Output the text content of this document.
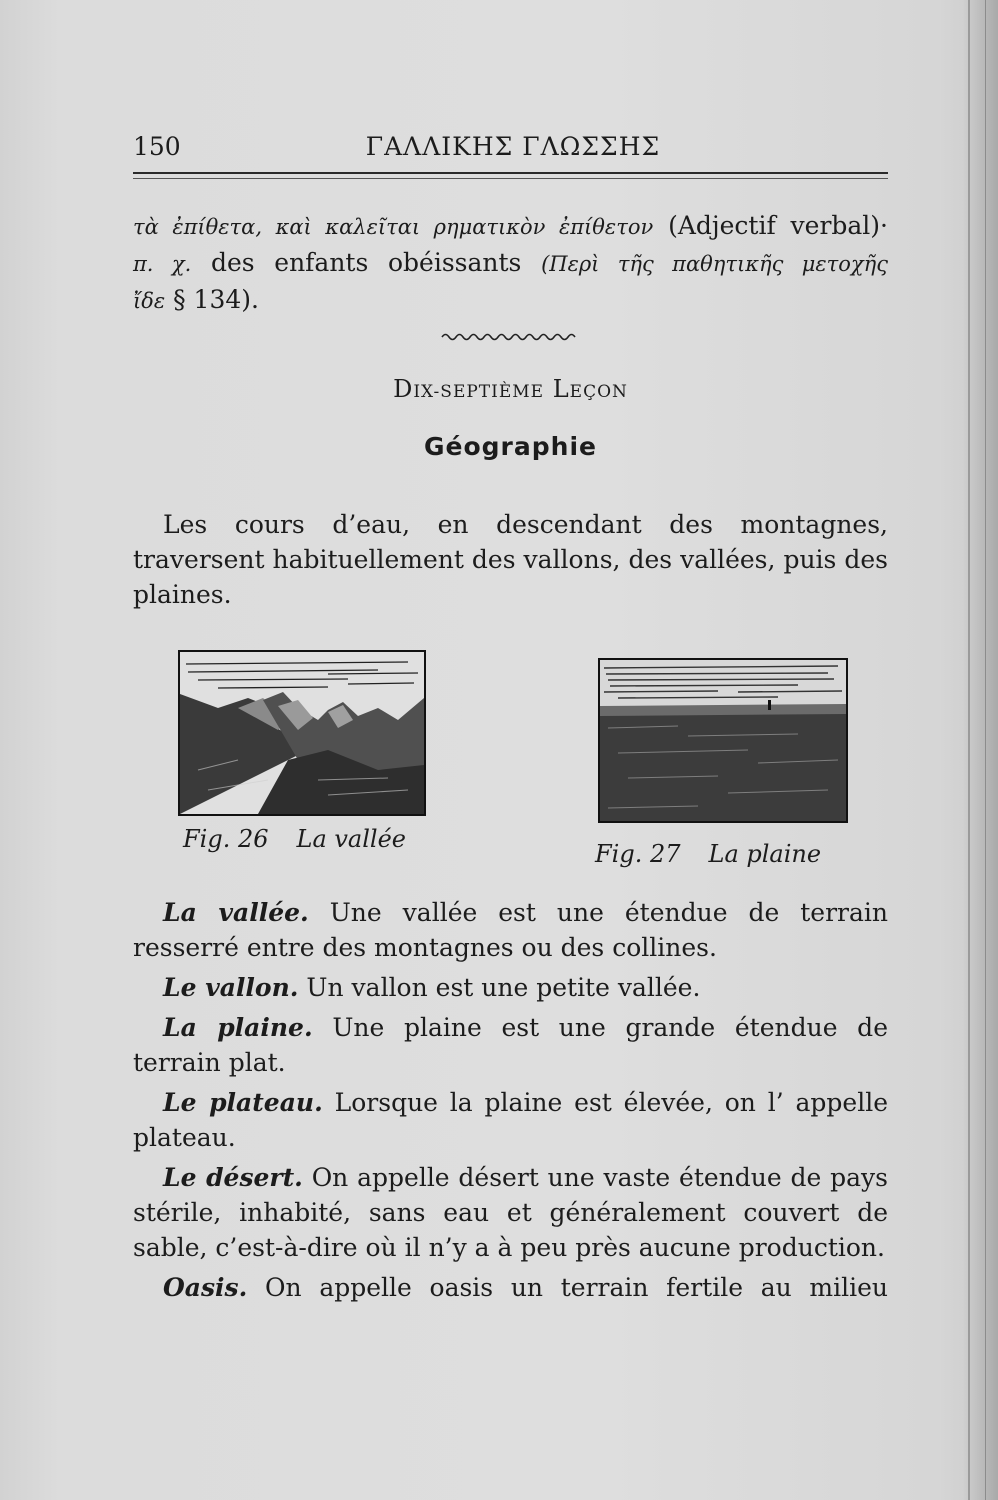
150	ΓΑΛΛΙΚΗΣ ΓΛΩΣΣΗΣ

τὰ ἐπίθετα, καὶ καλεῖται ρηματικὸν ἐπίθετον (Adjectif verbal)·

π. χ. des enfants obéissants (Περὶ τῆς παθητικῆς μετοχῆς

ἴδε § 134).

DIX-SEPTIÈME LEÇON
Géographie

Les cours d’eau, en descendant des montagnes, traversent habituellement des vallons, des vallées, puis des plaines.

Fig. 26 La vallée
Fig. 27 La plaine

La vallée. Une vallée est une étendue de terrain resserré entre des montagnes ou des collines.

Le vallon. Un vallon est une petite vallée.

La plaine. Une plaine est une grande étendue de terrain plat.

Le plateau. Lorsque la plaine est élevée, on l’ appelle plateau.

Le désert. On appelle désert une vaste étendue de pays stérile, inhabité, sans eau et généralement couvert de sable, c’est-à-dire où il n’y a à peu près aucune production.

Oasis. On appelle oasis un terrain fertile au milieu
